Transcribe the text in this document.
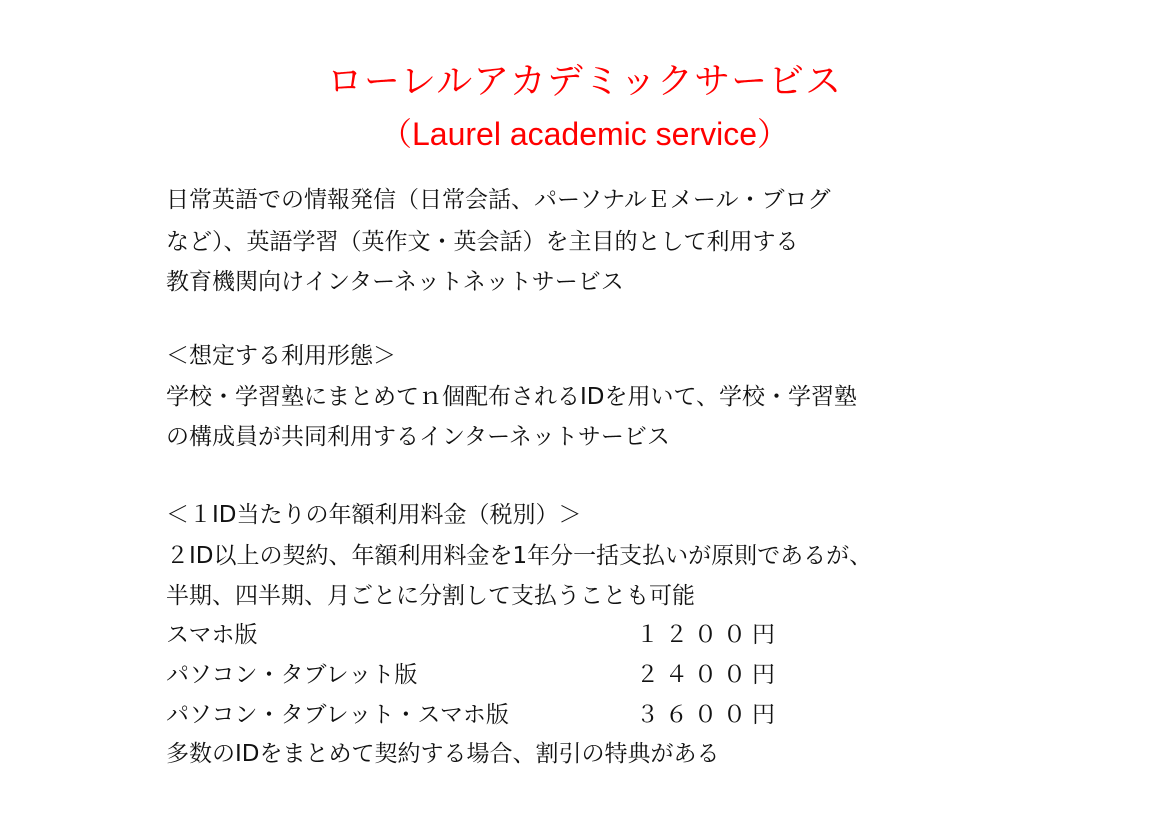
ローレルアカデミックサービス
（Laurel academic service）
日常英語での情報発信（日常会話、パーソナルＥメール・ブログ
など）、英語学習（英作文・英会話）を主目的として利用する
教育機関向けインターネットネットサービス
＜想定する利用形態＞
学校・学習塾にまとめてｎ個配布されるIDを用いて、学校・学習塾
の構成員が共同利用するインターネットサービス
＜１ID当たりの年額利用料金（税別）＞
２ID以上の契約、年額利用料金を1年分一括支払いが原則であるが、
半期、四半期、月ごとに分割して支払うことも可能
スマホ版	１２００円
パソコン・タブレット版	２４００円
パソコン・タブレット・スマホ版	３６００円
多数のIDをまとめて契約する場合、割引の特典がある
